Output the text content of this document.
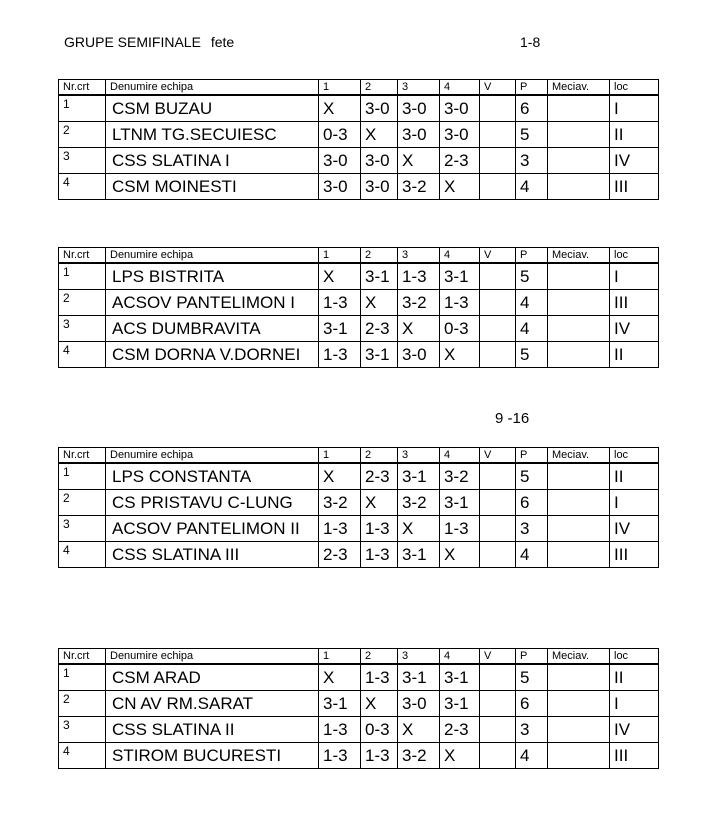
GRUPE SEMIFINALE fete	1-8
9 -16
Nr.crt	Denumire echipa	1	2	3	4	V	P	Meciav.	loc
1	CSM BUZAU	X	3-0	3-0	3-0		6		I
2	LTNM TG.SECUIESC	0-3	X	3-0	3-0		5		II
3	CSS SLATINA I	3-0	3-0	X	2-3		3		IV
4	CSM MOINESTI	3-0	3-0	3-2	X		4		III
Nr.crt	Denumire echipa	1	2	3	4	V	P	Meciav.	loc
1	LPS BISTRITA	X	3-1	1-3	3-1		5		I
2	ACSOV PANTELIMON I	1-3	X	3-2	1-3		4		III
3	ACS DUMBRAVITA	3-1	2-3	X	0-3		4		IV
4	CSM DORNA V.DORNEI	1-3	3-1	3-0	X		5		II
Nr.crt	Denumire echipa	1	2	3	4	V	P	Meciav.	loc
1	LPS CONSTANTA	X	2-3	3-1	3-2		5		II
2	CS PRISTAVU C-LUNG	3-2	X	3-2	3-1		6		I
3	ACSOV PANTELIMON II	1-3	1-3	X	1-3		3		IV
4	CSS SLATINA III	2-3	1-3	3-1	X		4		III
Nr.crt	Denumire echipa	1	2	3	4	V	P	Meciav.	loc
1	CSM ARAD	X	1-3	3-1	3-1		5		II
2	CN AV RM.SARAT	3-1	X	3-0	3-1		6		I
3	CSS SLATINA II	1-3	0-3	X	2-3		3		IV
4	STIROM BUCURESTI	1-3	1-3	3-2	X		4		III
